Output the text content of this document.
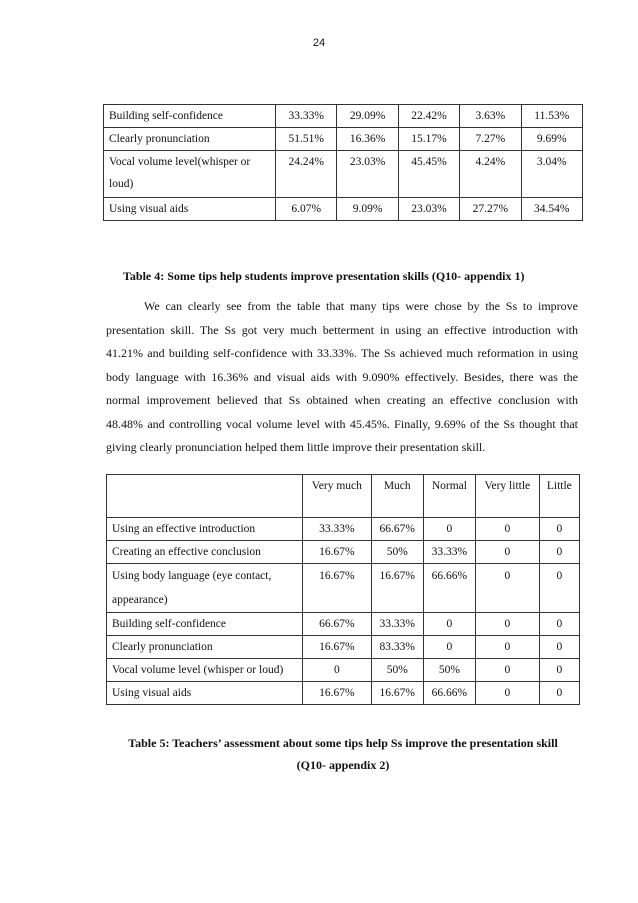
24
Building self-confidence	33.33%	29.09%	22.42%	3.63%	11.53%
Clearly pronunciation	51.51%	16.36%	15.17%	7.27%	9.69%
Vocal volume level(whisper or loud)	24.24%	23.03%	45.45%	4.24%	3.04%
Using visual aids	6.07%	9.09%	23.03%	27.27%	34.54%
Table 4: Some tips help students improve presentation skills (Q10- appendix 1)

We can clearly see from the table that many tips were chose by the Ss to improve presentation skill. The Ss got very much betterment in using an effective introduction with 41.21% and building self-confidence with 33.33%. The Ss achieved much reformation in using body language with 16.36% and visual aids with 9.090% effectively. Besides, there was the normal improvement believed that Ss obtained when creating an effective conclusion with 48.48% and controlling vocal volume level with 45.45%. Finally, 9.69% of the Ss thought that giving clearly pronunciation helped them little improve their presentation skill.

	Very much	Much	Normal	Very little	Little
Using an effective introduction	33.33%	66.67%	0	0	0
Creating an effective conclusion	16.67%	50%	33.33%	0	0
Using body language (eye contact, appearance)	16.67%	16.67%	66.66%	0	0
Building self-confidence	66.67%	33.33%	0	0	0
Clearly pronunciation	16.67%	83.33%	0	0	0
Vocal volume level (whisper or loud)	0	50%	50%	0	0
Using visual aids	16.67%	16.67%	66.66%	0	0
Table 5: Teachers’ assessment about some tips help Ss improve the presentation skill
(Q10- appendix 2)
